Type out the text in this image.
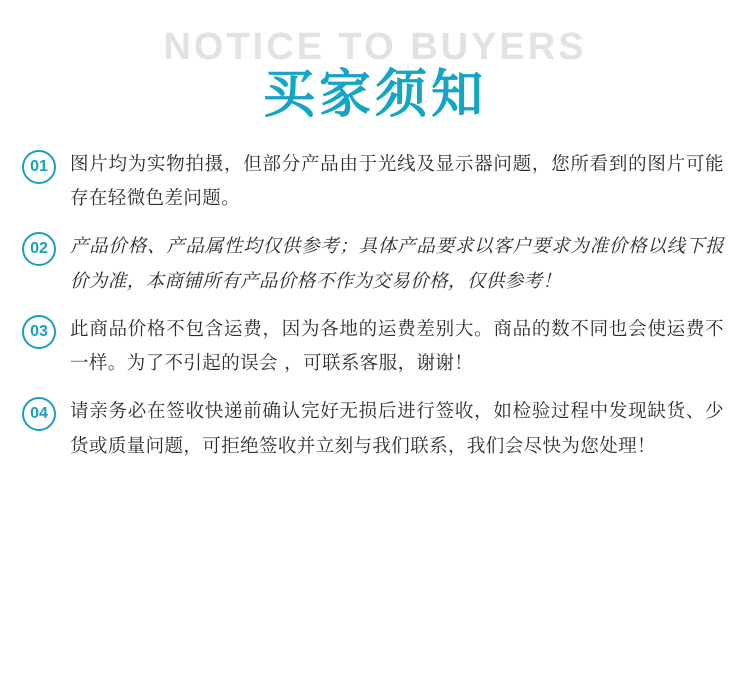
NOTICE TO BUYERS
买家须知
01	图片均为实物拍摄，但部分产品由于光线及显示器问题，您所看到的图片可能存在轻微色差问题。
02	产品价格、产品属性均仅供参考；具体产品要求以客户要求为准价格以线下报价为准，本商铺所有产品价格不作为交易价格，仅供参考！
03	此商品价格不包含运费，因为各地的运费差别大。商品的数不同也会使运费不一样。为了不引起的误会 ，可联系客服，谢谢！
04	请亲务必在签收快递前确认完好无损后进行签收，如检验过程中发现缺货、少货或质量问题，可拒绝签收并立刻与我们联系，我们会尽快为您处理！
